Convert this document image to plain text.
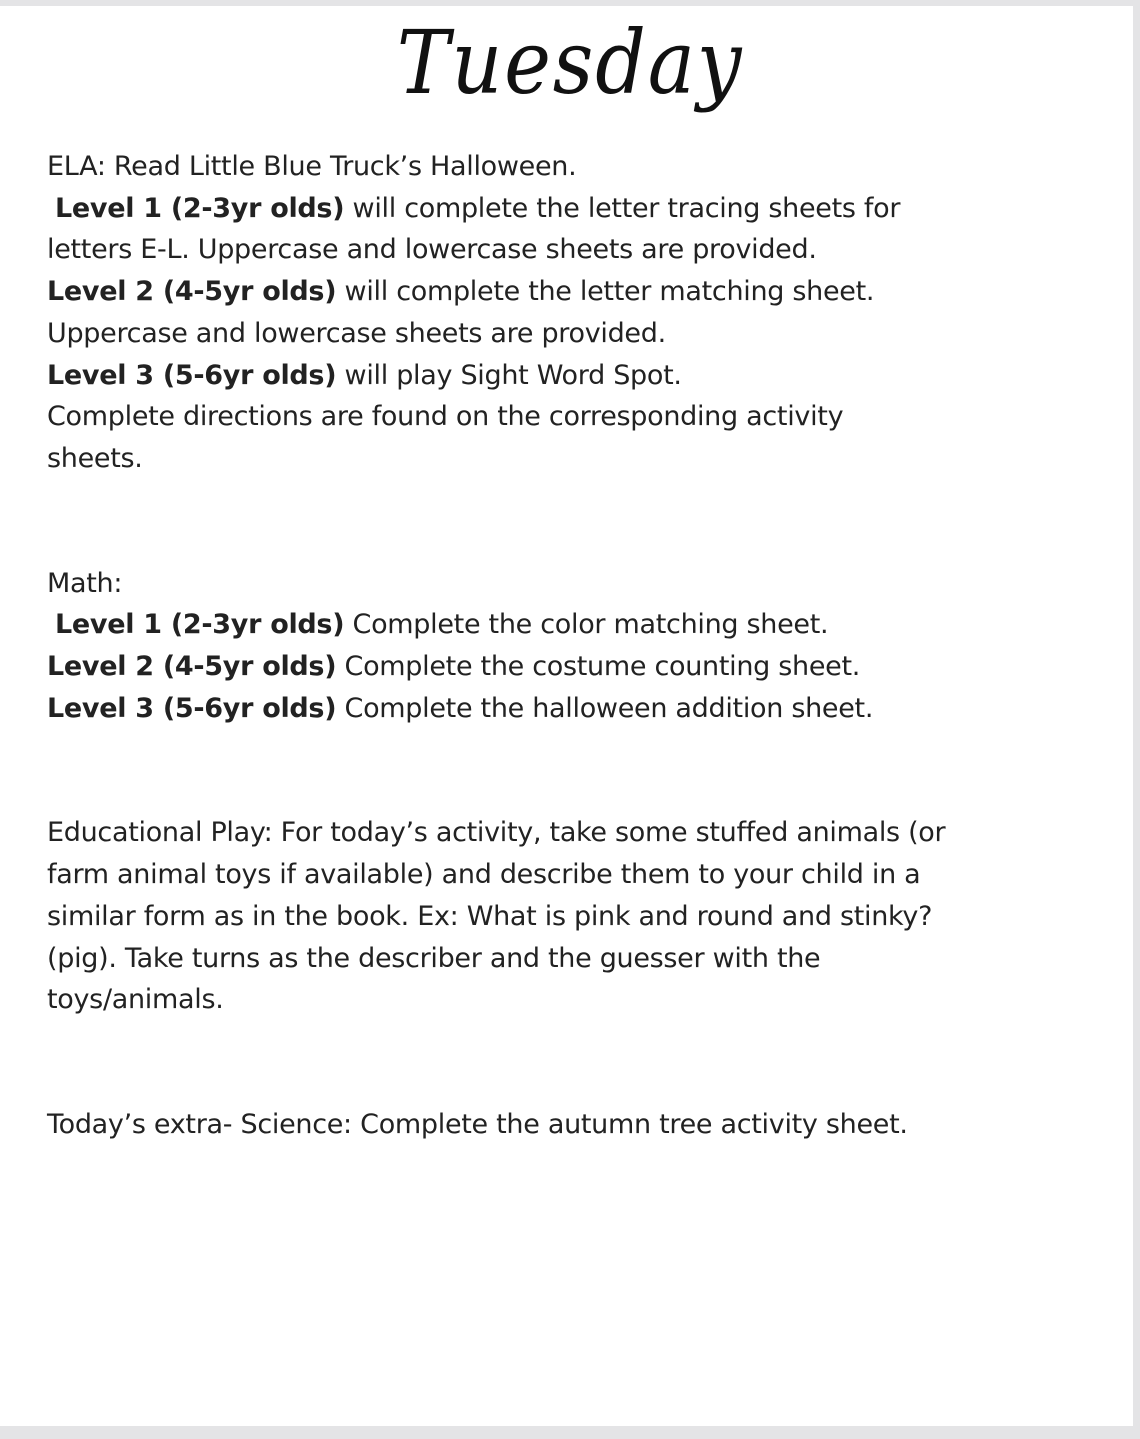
Tuesday
ELA: Read Little Blue Truck’s Halloween.
Level 1 (2-3yr olds) will complete the letter tracing sheets for
letters E-L. Uppercase and lowercase sheets are provided.
Level 2 (4-5yr olds) will complete the letter matching sheet.
Uppercase and lowercase sheets are provided.
Level 3 (5-6yr olds) will play Sight Word Spot.
Complete directions are found on the corresponding activity
sheets.
Math:
Level 1 (2-3yr olds) Complete the color matching sheet.
Level 2 (4-5yr olds) Complete the costume counting sheet.
Level 3 (5-6yr olds) Complete the halloween addition sheet.
Educational Play: For today’s activity, take some stuffed animals (or
farm animal toys if available) and describe them to your child in a
similar form as in the book. Ex: What is pink and round and stinky?
(pig). Take turns as the describer and the guesser with the
toys/animals.
Today’s extra- Science: Complete the autumn tree activity sheet.
